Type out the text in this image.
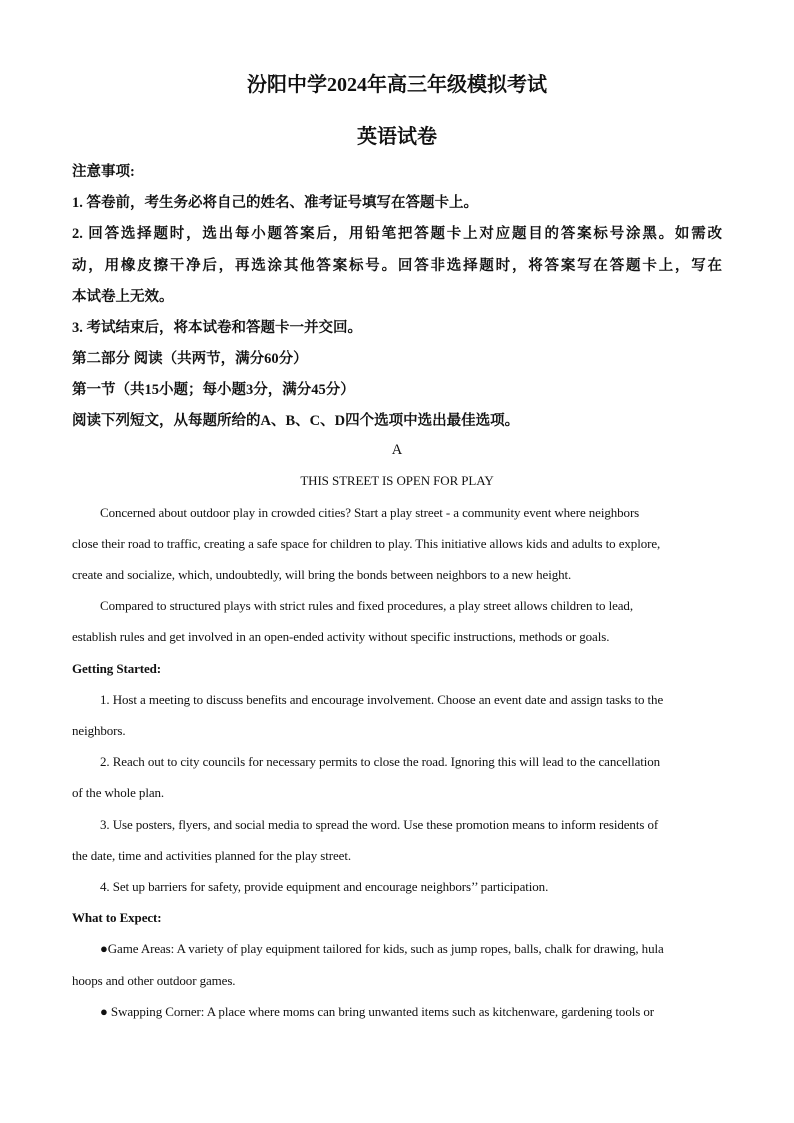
汾阳中学2024年高三年级模拟考试
英语试卷
注意事项:
1. 答卷前，考生务必将自己的姓名、准考证号填写在答题卡上。
2. 回答选择题时，选出每小题答案后，用铅笔把答题卡上对应题目的答案标号涂黑。如需改
动，用橡皮擦干净后，再选涂其他答案标号。回答非选择题时，将答案写在答题卡上，写在
本试卷上无效。
3. 考试结束后，将本试卷和答题卡一并交回。
第二部分 阅读（共两节，满分60分）
第一节（共15小题；每小题3分，满分45分）
阅读下列短文，从每题所给的A、B、C、D四个选项中选出最佳选项。
A
THIS STREET IS OPEN FOR PLAY
Concerned about outdoor play in crowded cities? Start a play street - a community event where neighbors
close their road to traffic, creating a safe space for children to play. This initiative allows kids and adults to explore,
create and socialize, which, undoubtedly, will bring the bonds between neighbors to a new height.
Compared to structured plays with strict rules and fixed procedures, a play street allows children to lead,
establish rules and get involved in an open-ended activity without specific instructions, methods or goals.
Getting Started:
1. Host a meeting to discuss benefits and encourage involvement. Choose an event date and assign tasks to the
neighbors.
2. Reach out to city councils for necessary permits to close the road. Ignoring this will lead to the cancellation
of the whole plan.
3. Use posters, flyers, and social media to spread the word. Use these promotion means to inform residents of
the date, time and activities planned for the play street.
4. Set up barriers for safety, provide equipment and encourage neighbors’’ participation.
What to Expect:
●Game Areas: A variety of play equipment tailored for kids, such as jump ropes, balls, chalk for drawing, hula
hoops and other outdoor games.
● Swapping Corner: A place where moms can bring unwanted items such as kitchenware, gardening tools or
